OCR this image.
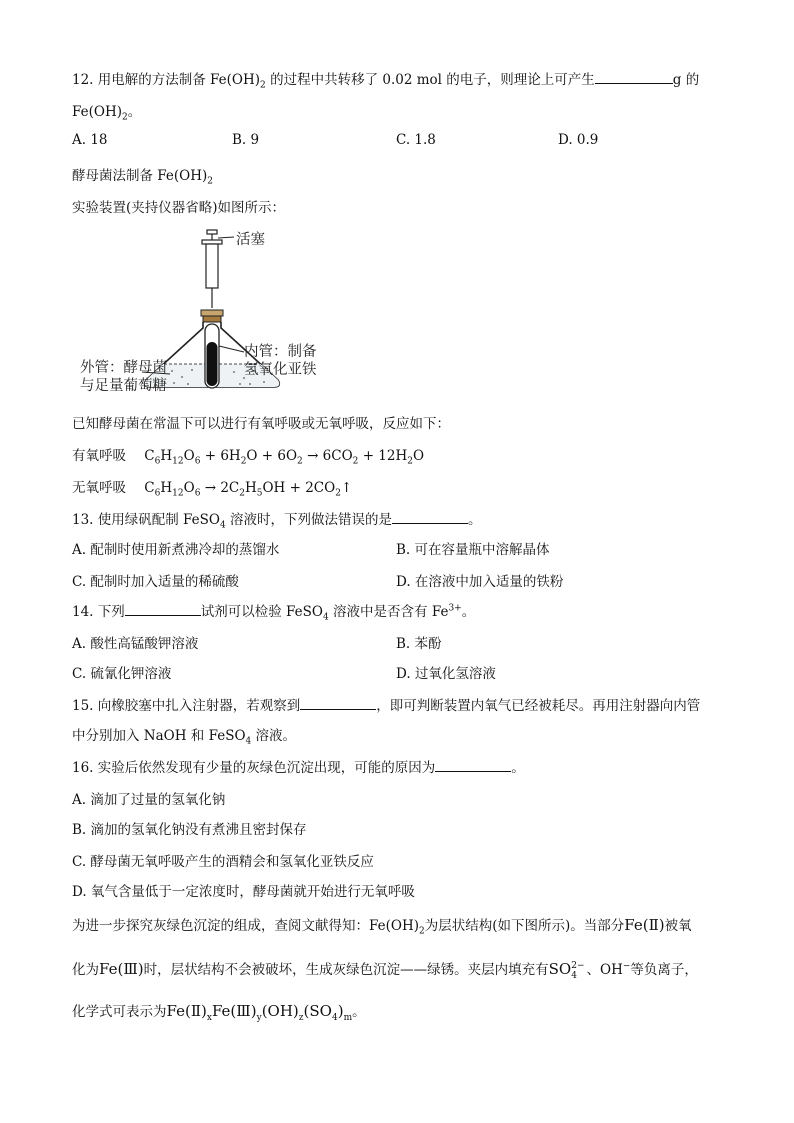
12. 用电解的方法制备 $Fe(OH)_2$ 的过程中共转移了 0.02 mol 的电子，则理论上可产生	g 的
$Fe(OH)_2$。
A. 18	B. 9	C. 1.8	D. 0.9
酵母菌法制备 $Fe(OH)_2$
实验装置(夹持仪器省略)如图所示：
活塞
内管：制备
氢氧化亚铁
外管：酵母菌
与足量葡萄糖
已知酵母菌在常温下可以进行有氧呼吸或无氧呼吸，反应如下：
有氧呼吸 $C_6H_{12}O_6 + 6H_2O + 6O_2 \to 6CO_2 + 12H_2O$
无氧呼吸 $C_6H_{12}O_6 \to 2C_2H_5OH$ + $2CO_2↑$
13. 使用绿矾配制 FeSO$_4$ 溶液时，下列做法错误的是	。
A. 配制时使用新煮沸冷却的蒸馏水	B. 可在容量瓶中溶解晶体
C. 配制时加入适量的稀硫酸	D. 在溶液中加入适量的铁粉
14. 下列	试剂可以检验 FeSO$_4$ 溶液中是否含有 $Fe^{3+}$。
A. 酸性高锰酸钾溶液	B. 苯酚
C. 硫氰化钾溶液	D. 过氧化氢溶液
15. 向橡胶塞中扎入注射器，若观察到	，即可判断装置内氧气已经被耗尽。再用注射器向内管
中分别加入 NaOH 和 FeSO$_4$ 溶液。
16. 实验后依然发现有少量的灰绿色沉淀出现，可能的原因为	。
A. 滴加了过量的氢氧化钠
B. 滴加的氢氧化钠没有煮沸且密封保存
C. 酵母菌无氧呼吸产生的酒精会和氢氧化亚铁反应
D. 氧气含量低于一定浓度时，酵母菌就开始进行无氧呼吸
为进一步探究灰绿色沉淀的组成，查阅文献得知：$Fe(OH)_2$为层状结构(如下图所示)。当部分Fe(Ⅱ)被氧
化为Fe(Ⅲ)时，层状结构不会被破坏，生成灰绿色沉淀——绿锈。夹层内填充有SO 2−
4 、OH−等负离子，
化学式可表示为$Fe(Ⅱ)_xFe(Ⅲ)_y(OH)_z(SO_4)_m$。
